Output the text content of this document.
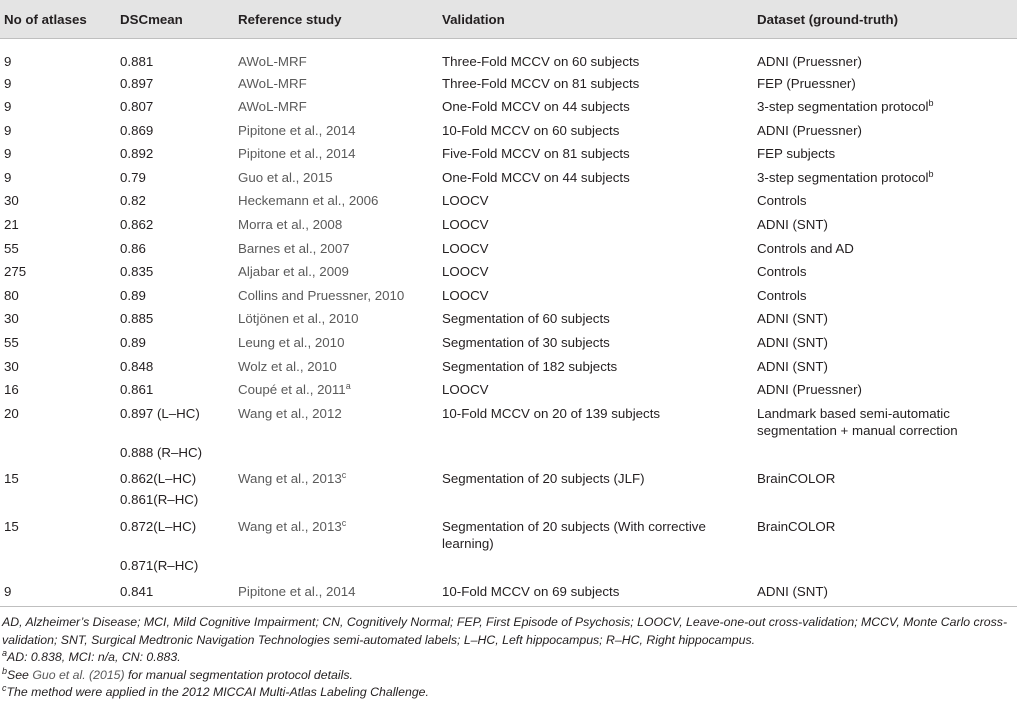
No of atlases	DSCmean	Reference study	Validation	Dataset (ground-truth)
9	0.881	AWoL-MRF	Three-Fold MCCV on 60 subjects	ADNI (Pruessner)
9	0.897	AWoL-MRF	Three-Fold MCCV on 81 subjects	FEP (Pruessner)
9	0.807	AWoL-MRF	One-Fold MCCV on 44 subjects	3-step segmentation protocol$^b$
9	0.869	Pipitone et al., 2014	10-Fold MCCV on 60 subjects	ADNI (Pruessner)
9	0.892	Pipitone et al., 2014	Five-Fold MCCV on 81 subjects	FEP subjects
9	0.79	Guo et al., 2015	One-Fold MCCV on 44 subjects	3-step segmentation protocol$^b$
30	0.82	Heckemann et al., 2006	LOOCV	Controls
21	0.862	Morra et al., 2008	LOOCV	ADNI (SNT)
55	0.86	Barnes et al., 2007	LOOCV	Controls and AD
275	0.835	Aljabar et al., 2009	LOOCV	Controls
80	0.89	Collins and Pruessner, 2010	LOOCV	Controls
30	0.885	Lötjönen et al., 2010	Segmentation of 60 subjects	ADNI (SNT)
55	0.89	Leung et al., 2010	Segmentation of 30 subjects	ADNI (SNT)
30	0.848	Wolz et al., 2010	Segmentation of 182 subjects	ADNI (SNT)
16	0.861	Coupé et al., 2011$^a$	LOOCV	ADNI (Pruessner)
20	0.897 (L–HC)	Wang et al., 2012	10-Fold MCCV on 20 of 139 subjects	Landmark based semi-automatic segmentation + manual correction
	0.888 (R–HC)			
15	0.862(L–HC)	Wang et al., 2013$^c$	Segmentation of 20 subjects (JLF)	BrainCOLOR
	0.861(R–HC)			
15	0.872(L–HC)	Wang et al., 2013$^c$	Segmentation of 20 subjects (With corrective learning)	BrainCOLOR
	0.871(R–HC)			
9	0.841	Pipitone et al., 2014	10-Fold MCCV on 69 subjects	ADNI (SNT)

AD, Alzheimer’s Disease; MCI, Mild Cognitive Impairment; CN, Cognitively Normal; FEP, First Episode of Psychosis; LOOCV, Leave-one-out cross-validation; MCCV, Monte Carlo cross-validation; SNT, Surgical Medtronic Navigation Technologies semi-automated labels; L–HC, Left hippocampus; R–HC, Right hippocampus.

$^a$AD: 0.838, MCI: n/a, CN: 0.883.

$^b$See Guo et al. (2015) for manual segmentation protocol details.

$^c$The method were applied in the 2012 MICCAI Multi-Atlas Labeling Challenge.
